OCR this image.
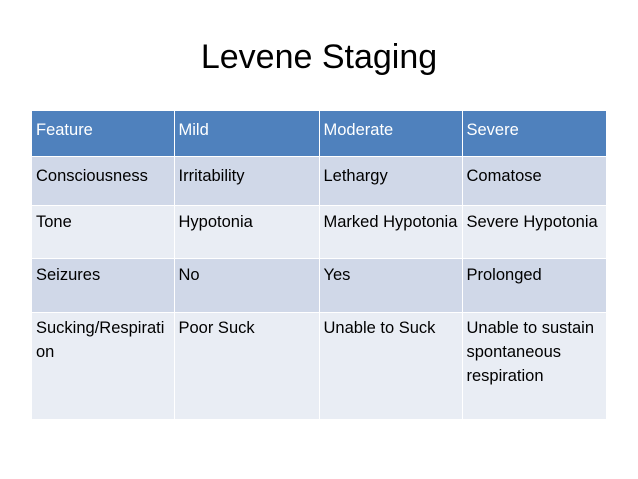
Levene Staging
Feature	Mild	Moderate	Severe
Consciousness	Irritability	Lethargy	Comatose
Tone	Hypotonia	Marked Hypotonia	Severe Hypotonia
Seizures	No	Yes	Prolonged
Sucking/Respiration	Poor Suck	Unable to Suck	Unable to sustain spontaneous respiration
